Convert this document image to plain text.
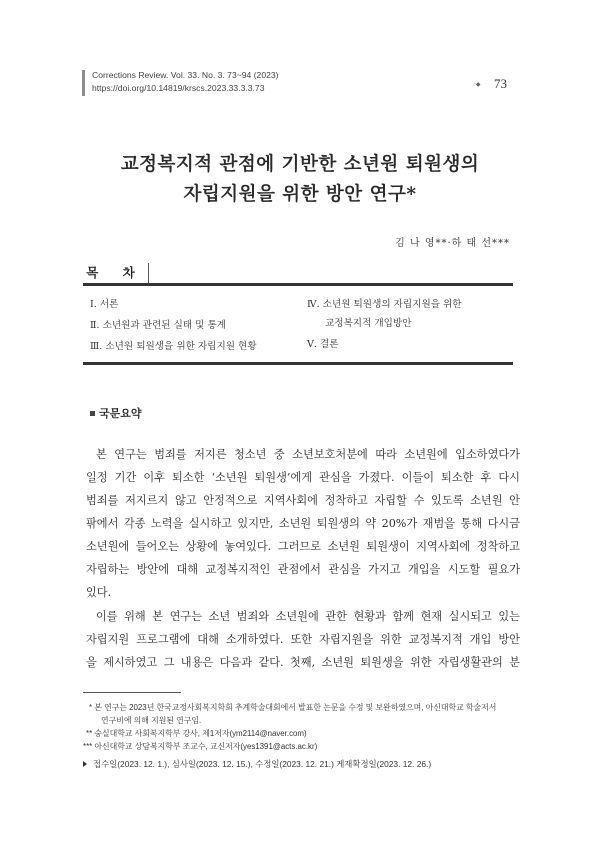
Corrections Review. Vol. 33. No. 3. 73~94 (2023)
https://doi.org/10.14819/krscs.2023.33.3.3.73	·◆ 73
교정복지적 관점에 기반한 소년원 퇴원생의
자립지원을 위한 방안 연구*
김 나 영**·하 태 선***
목 차
Ⅰ. 서론
Ⅱ. 소년원과 관련된 실태 및 통계
Ⅲ. 소년원 퇴원생을 위한 자립지원 현황
Ⅳ. 소년원 퇴원생의 자립지원을 위한
교정복지적 개입방안
Ⅴ. 결론
국문요약
본 연구는 범죄를 저지른 청소년 중 소년보호처분에 따라 소년원에 입소하였다가
일정 기간 이후 퇴소한 ‘소년원 퇴원생’에게 관심을 가졌다. 이들이 퇴소한 후 다시
범죄를 저지르지 않고 안정적으로 지역사회에 정착하고 자립할 수 있도록 소년원 안
팎에서 각종 노력을 실시하고 있지만, 소년원 퇴원생의 약 20%가 재범을 통해 다시금
소년원에 들어오는 상황에 놓여있다. 그러므로 소년원 퇴원생이 지역사회에 정착하고
자립하는 방안에 대해 교정복지적인 관점에서 관심을 가지고 개입을 시도할 필요가
있다.
이를 위해 본 연구는 소년 범죄와 소년원에 관한 현황과 함께 현재 실시되고 있는
자립지원 프로그램에 대해 소개하였다. 또한 자립지원을 위한 교정복지적 개입 방안
을 제시하였고 그 내용은 다음과 같다. 첫째, 소년원 퇴원생을 위한 자립생활관의 분
* 본 연구는 2023년 한국교정사회복지학회 추계학술대회에서 발표한 논문을 수정 및 보완하였으며, 아신대학교 학술저서
연구비에 의해 지원된 연구임.
** 숭실대학교 사회복지학부 강사, 제1저자(ym2114@naver.com)
*** 아신대학교 상담복지학부 조교수, 교신저자(yes1391@acts.ac.kr)
접수일(2023. 12. 1.), 심사일(2023. 12. 15.), 수정일(2023. 12. 21.) 게재확정일(2023. 12. 26.)
